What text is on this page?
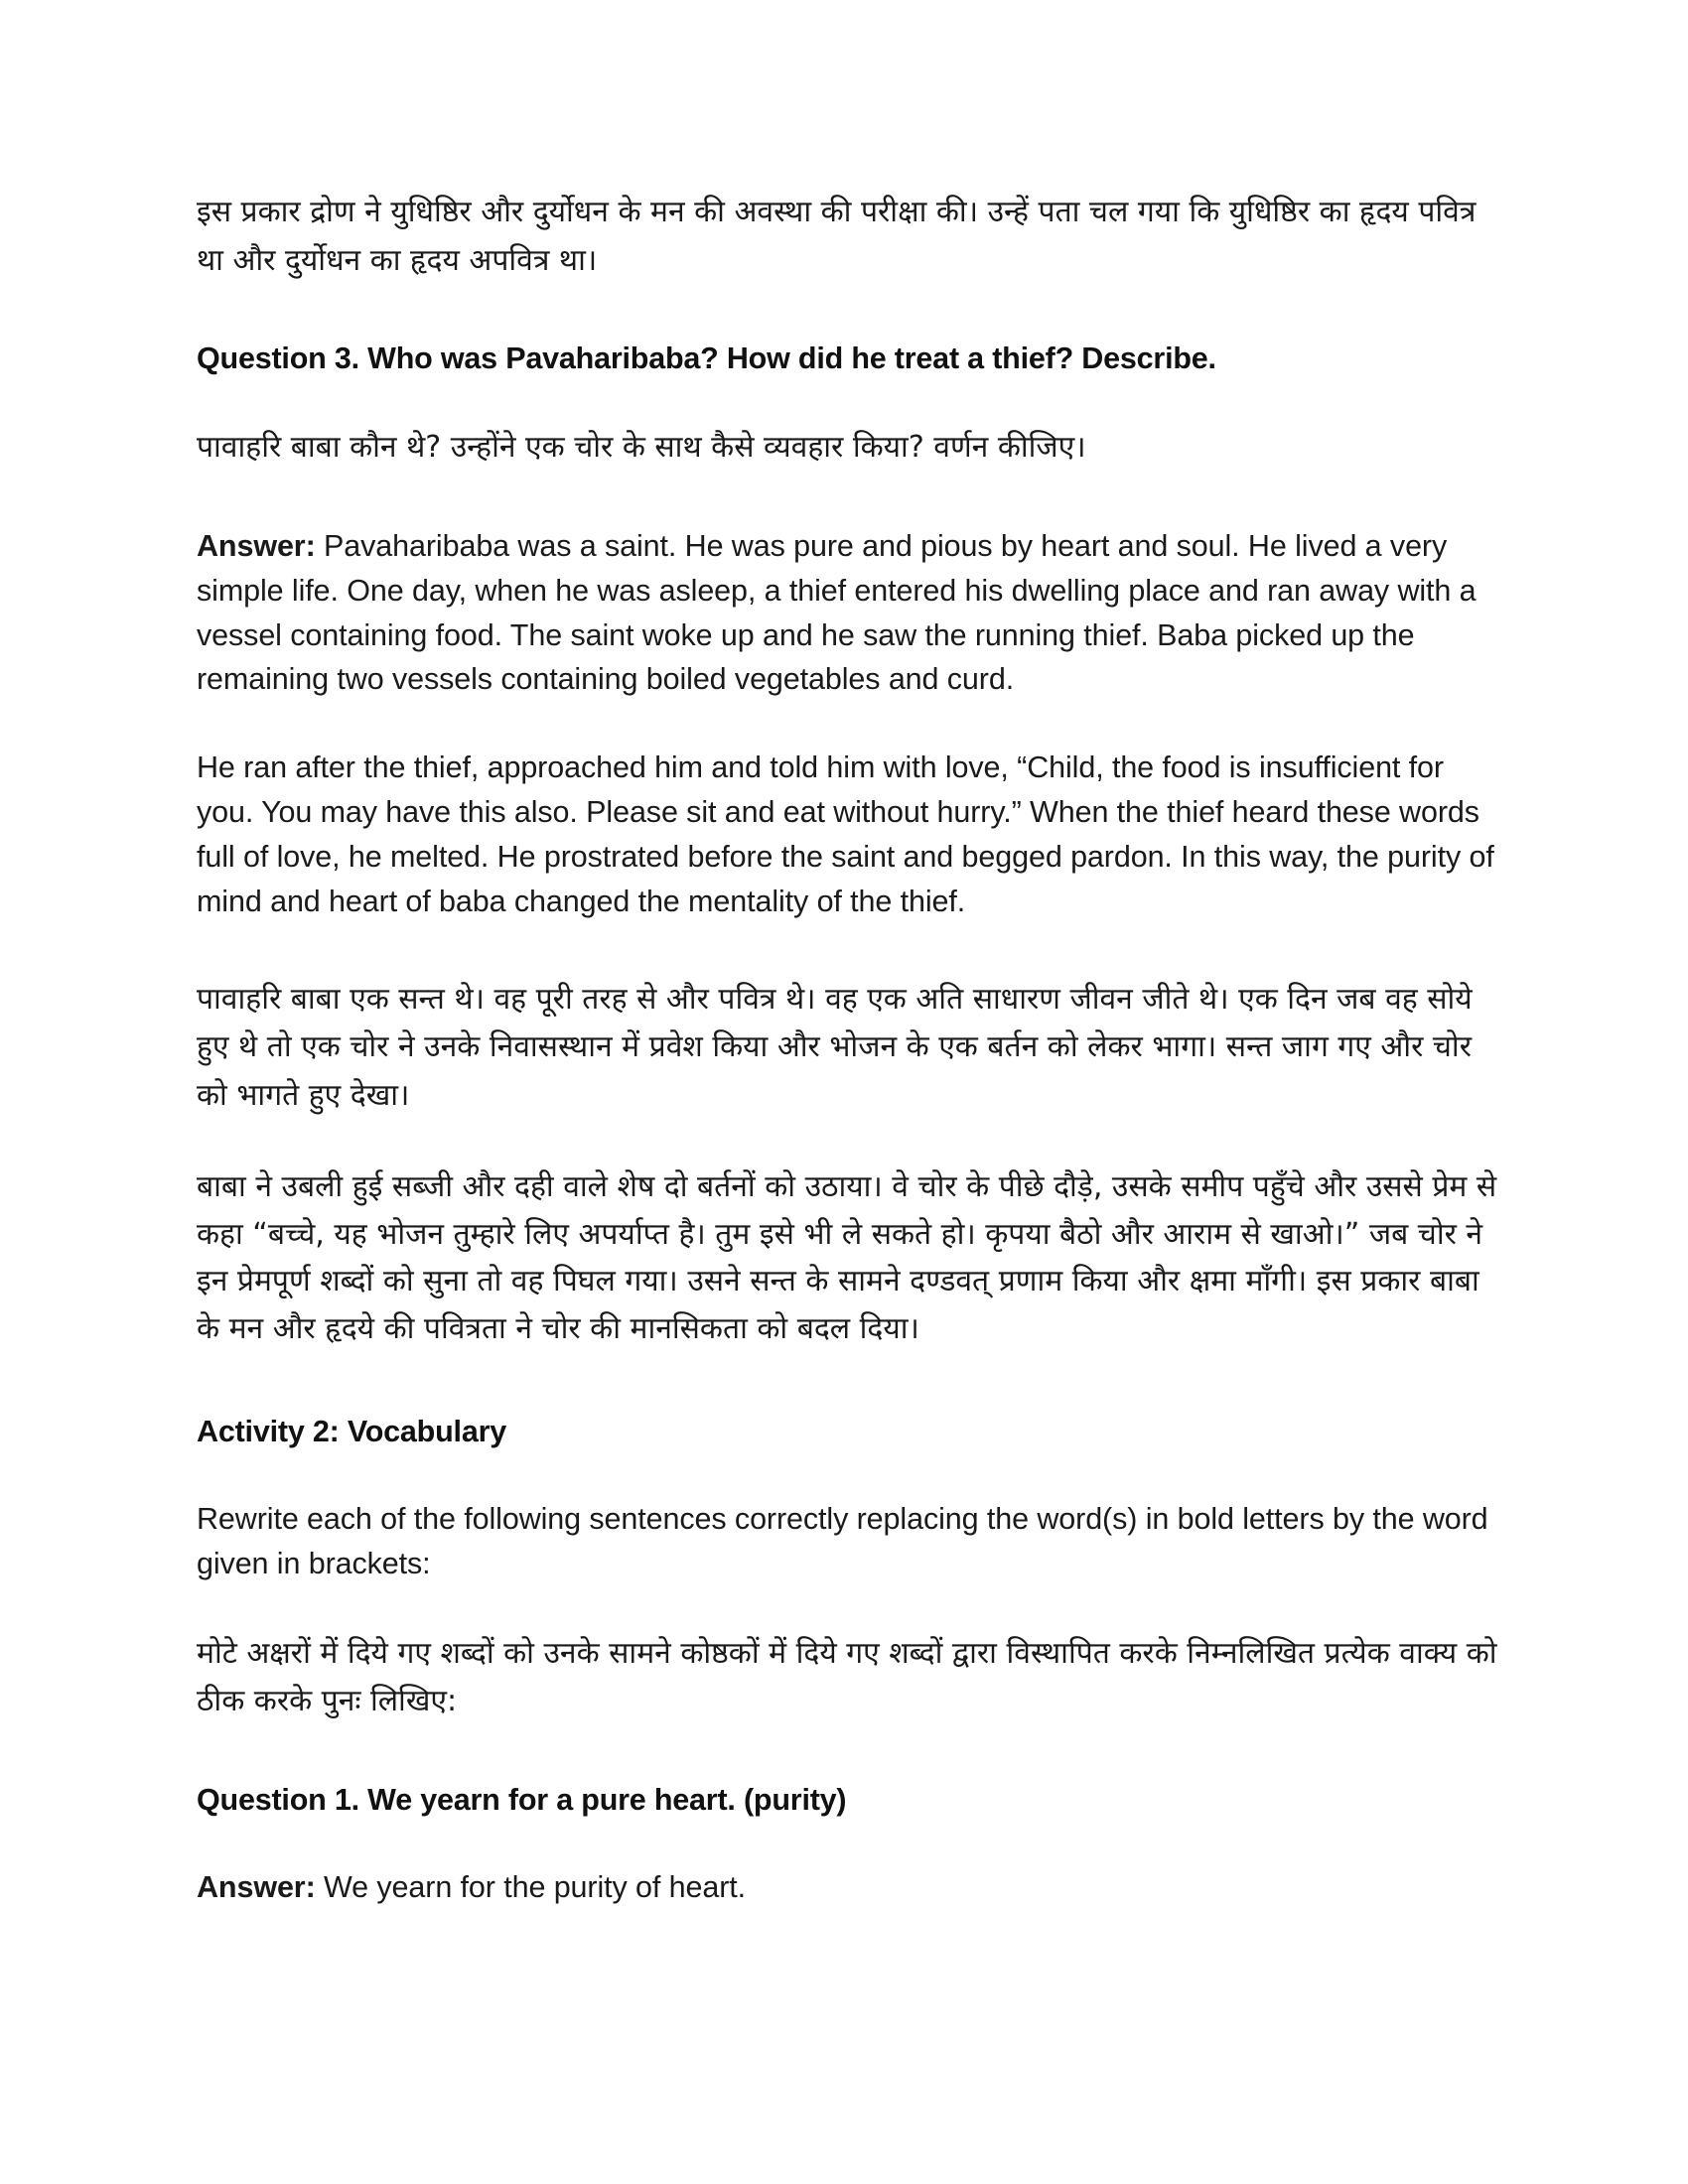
इस प्रकार द्रोण ने युधिष्ठिर और दुर्योधन के मन की अवस्था की परीक्षा की। उन्हें पता चल गया कि युधिष्ठिर का हृदय पवित्र था और दुर्योधन का हृदय अपवित्र था।

Question 3. Who was Pavaharibaba? How did he treat a thief? Describe.

पावाहरि बाबा कौन थे? उन्होंने एक चोर के साथ कैसे व्यवहार किया? वर्णन कीजिए।

Answer: Pavaharibaba was a saint. He was pure and pious by heart and soul. He lived a very simple life. One day, when he was asleep, a thief entered his dwelling place and ran away with a vessel containing food. The saint woke up and he saw the running thief. Baba picked up the remaining two vessels containing boiled vegetables and curd.

He ran after the thief, approached him and told him with love, “Child, the food is insufficient for you. You may have this also. Please sit and eat without hurry.” When the thief heard these words full of love, he melted. He prostrated before the saint and begged pardon. In this way, the purity of mind and heart of baba changed the mentality of the thief.

पावाहरि बाबा एक सन्त थे। वह पूरी तरह से और पवित्र थे। वह एक अति साधारण जीवन जीते थे। एक दिन जब वह सोये हुए थे तो एक चोर ने उनके निवासस्थान में प्रवेश किया और भोजन के एक बर्तन को लेकर भागा। सन्त जाग गए और चोर को भागते हुए देखा।

बाबा ने उबली हुई सब्जी और दही वाले शेष दो बर्तनों को उठाया। वे चोर के पीछे दौड़े, उसके समीप पहुँचे और उससे प्रेम से कहा “बच्चे, यह भोजन तुम्हारे लिए अपर्याप्त है। तुम इसे भी ले सकते हो। कृपया बैठो और आराम से खाओ।” जब चोर ने इन प्रेमपूर्ण शब्दों को सुना तो वह पिघल गया। उसने सन्त के सामने दण्डवत् प्रणाम किया और क्षमा माँगी। इस प्रकार बाबा के मन और हृदये की पवित्रता ने चोर की मानसिकता को बदल दिया।

Activity 2: Vocabulary

Rewrite each of the following sentences correctly replacing the word(s) in bold letters by the word given in brackets:

मोटे अक्षरों में दिये गए शब्दों को उनके सामने कोष्ठकों में दिये गए शब्दों द्वारा विस्थापित करके निम्नलिखित प्रत्येक वाक्य को ठीक करके पुनः लिखिए:

Question 1. We yearn for a pure heart. (purity)

Answer: We yearn for the purity of heart.
